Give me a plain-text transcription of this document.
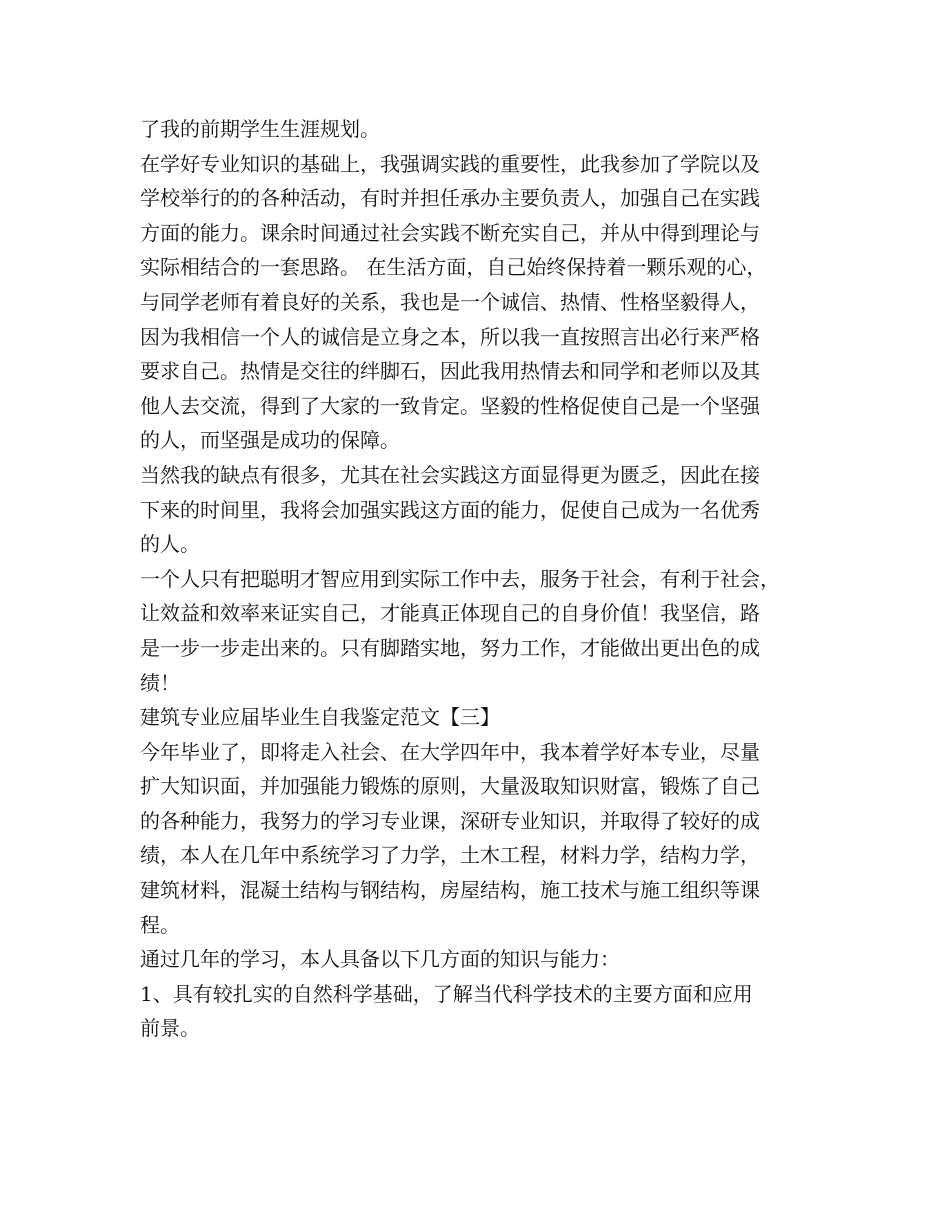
了我的前期学生生涯规划。
在学好专业知识的基础上，我强调实践的重要性，此我参加了学院以及
学校举行的的各种活动，有时并担任承办主要负责人，加强自己在实践
方面的能力。课余时间通过社会实践不断充实自己，并从中得到理论与
实际相结合的一套思路。 在生活方面，自己始终保持着一颗乐观的心，
与同学老师有着良好的关系，我也是一个诚信、热情、性格坚毅得人，
因为我相信一个人的诚信是立身之本，所以我一直按照言出必行来严格
要求自己。热情是交往的绊脚石，因此我用热情去和同学和老师以及其
他人去交流，得到了大家的一致肯定。坚毅的性格促使自己是一个坚强
的人，而坚强是成功的保障。
当然我的缺点有很多，尤其在社会实践这方面显得更为匮乏，因此在接
下来的时间里，我将会加强实践这方面的能力，促使自己成为一名优秀
的人。
一个人只有把聪明才智应用到实际工作中去，服务于社会，有利于社会，
让效益和效率来证实自己，才能真正体现自己的自身价值！我坚信，路
是一步一步走出来的。只有脚踏实地，努力工作，才能做出更出色的成
绩！
建筑专业应届毕业生自我鉴定范文【三】
今年毕业了，即将走入社会、在大学四年中，我本着学好本专业，尽量
扩大知识面，并加强能力锻炼的原则，大量汲取知识财富，锻炼了自己
的各种能力，我努力的学习专业课，深研专业知识，并取得了较好的成
绩，本人在几年中系统学习了力学，土木工程，材料力学，结构力学，
建筑材料，混凝土结构与钢结构，房屋结构，施工技术与施工组织等课
程。
通过几年的学习，本人具备以下几方面的知识与能力：
1、具有较扎实的自然科学基础，了解当代科学技术的主要方面和应用
前景。
